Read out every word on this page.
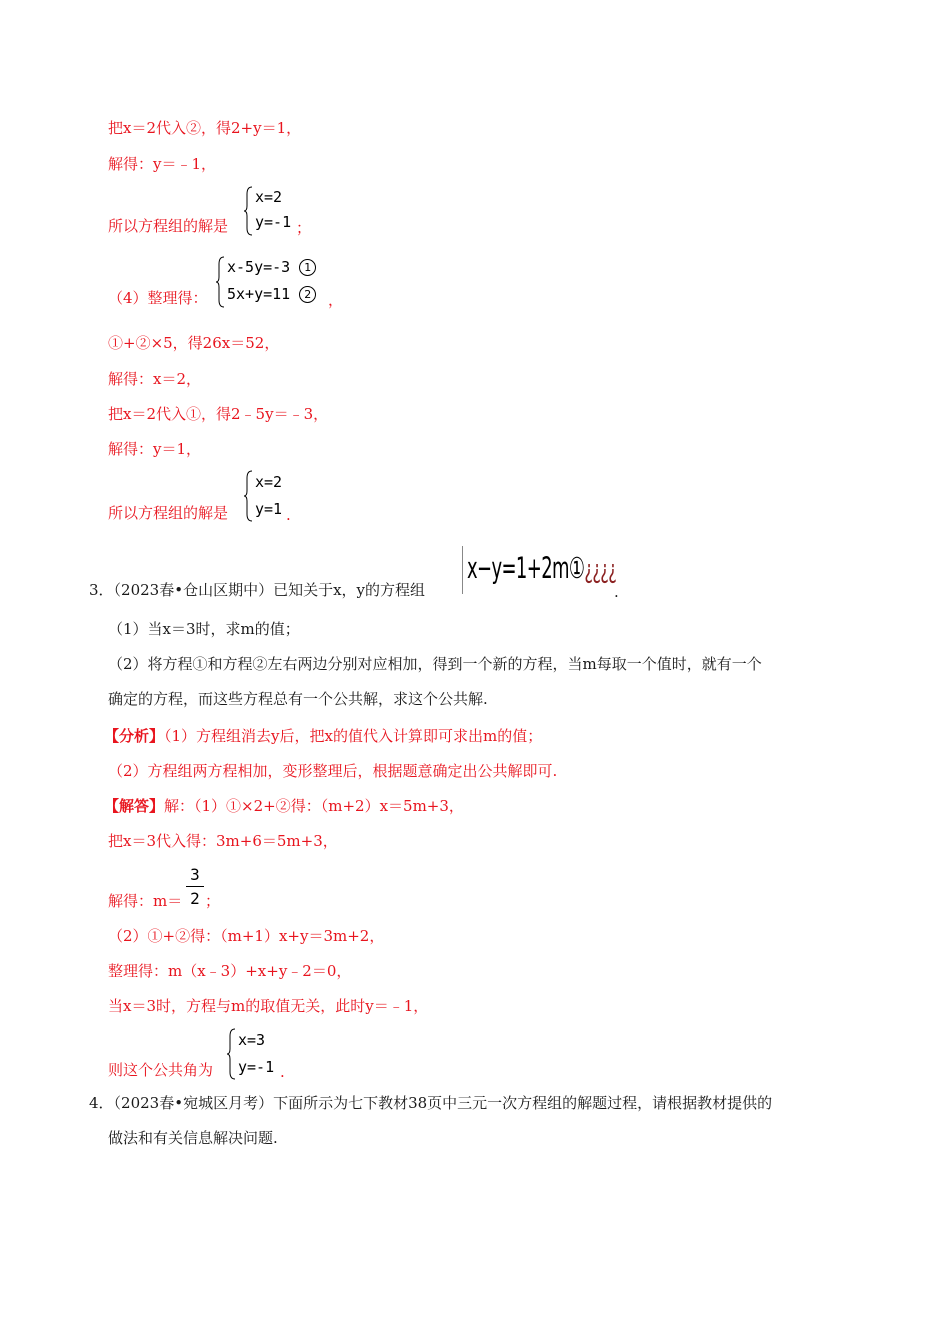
把x＝2代入②，得2+y＝1，
解得：y＝﹣1，
所以方程组的解是
x=2
y=-1 ；
（4）整理得：
x-5y=-3 1
5x+y=11 2	，
①+②×5，得26x＝52，
解得：x＝2，
把x＝2代入①，得2﹣5y＝﹣3，
解得：y＝1，
所以方程组的解是
x=2
y=1 .
3．（2023春•仓山区期中）已知关于x，y的方程组
x−y=1+2m①¿¿¿¿
.
（1）当x＝3时，求m的值；
（2）将方程①和方程②左右两边分别对应相加，得到一个新的方程，当m每取一个值时，就有一个
确定的方程，而这些方程总有一个公共解，求这个公共解.
【分析】（1）方程组消去y后，把x的值代入计算即可求出m的值；
（2）方程组两方程相加，变形整理后，根据题意确定出公共解即可.
【解答】解：（1）①×2+②得：（m+2）x＝5m+3，
把x＝3代入得：3m+6＝5m+3，
解得：m＝
3
2 ；
（2）①+②得：（m+1）x+y＝3m+2，
整理得：m（x﹣3）+x+y﹣2＝0，
当x＝3时，方程与m的取值无关，此时y＝﹣1，
则这个公共角为
x=3
y=-1 .
4．（2023春•宛城区月考）下面所示为七下教材38页中三元一次方程组的解题过程，请根据教材提供的
做法和有关信息解决问题.
